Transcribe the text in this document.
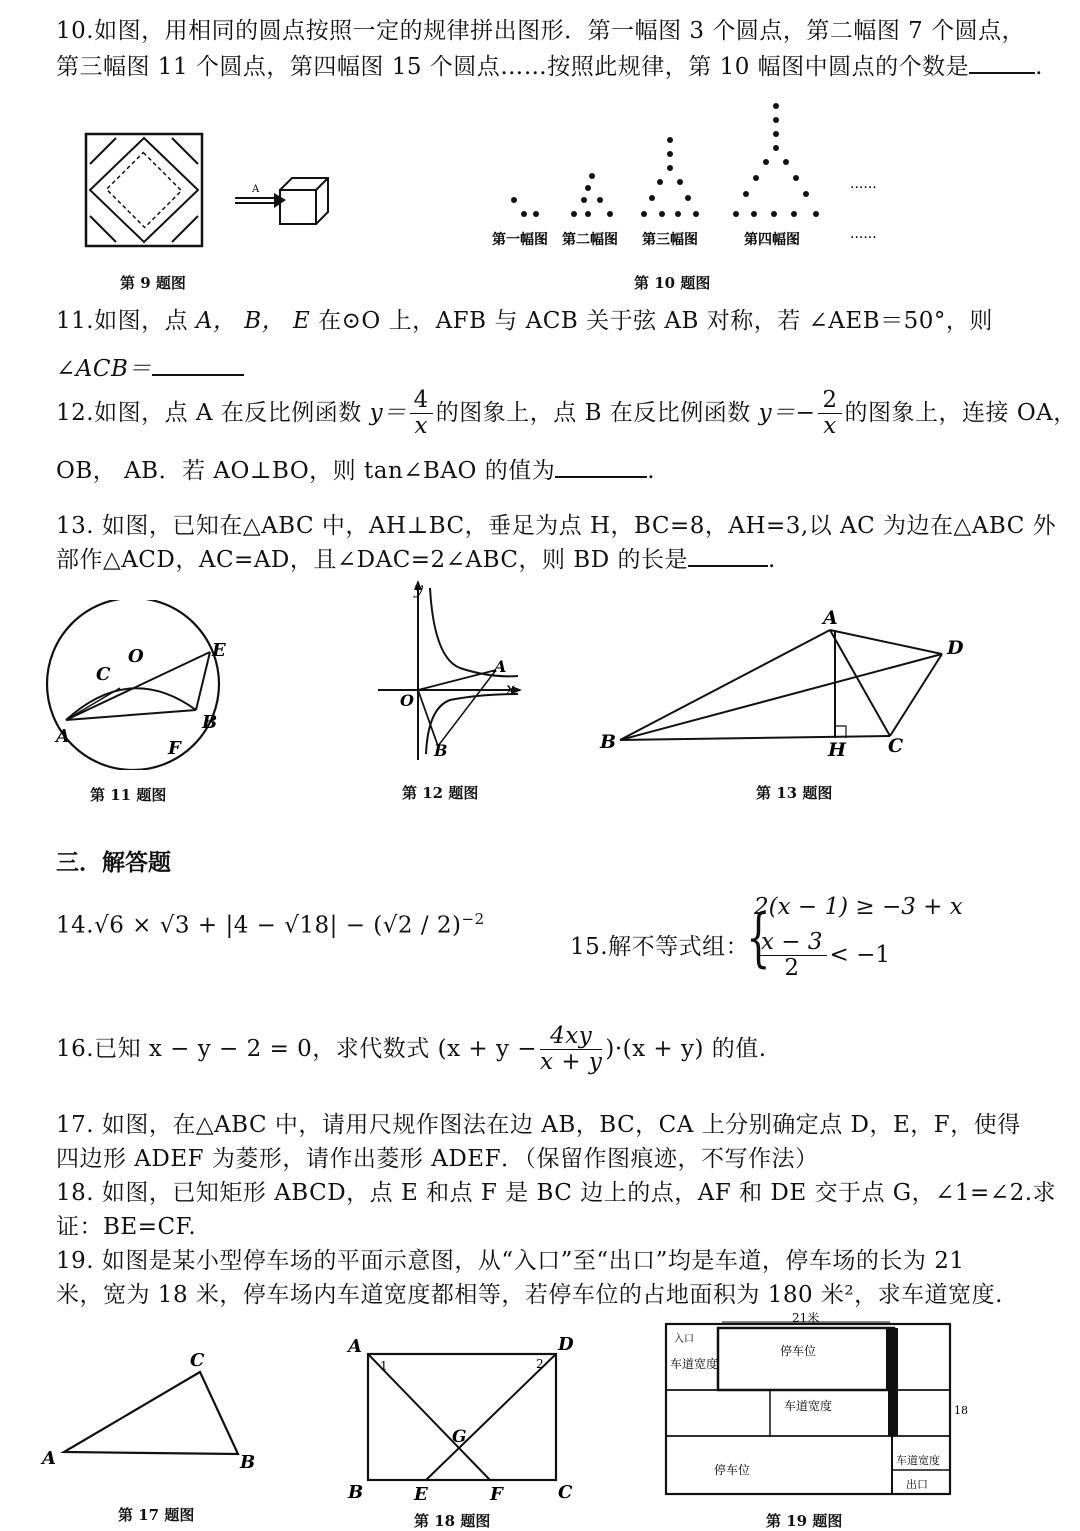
10.如图，用相同的圆点按照一定的规律拼出图形．第一幅图 3 个圆点，第二幅图 7 个圆点，
第三幅图 11 个圆点，第四幅图 15 个圆点……按照此规律，第 10 幅图中圆点的个数是	.
A
第 9 题图
......
......
第一幅图 第二幅图 第三幅图	第四幅图
第 10 题图
11.如图，点 A， B， E 在⊙O 上，AFB 与 ACB 关于弦 AB 对称，若 ∠AEB＝50°，则
∠ACB＝
12.如图，点 A 在反比例函数 $y= \frac{4}{x}$ 的图象上，点 B 在反比例函数 $y=- \frac{2}{x}$ 的图象上，连接 OA，
OB， AB．若 AO⊥BO，则 tan∠BAO 的值为	.
13. 如图，已知在△ABC 中，AH⊥BC，垂足为点 H，BC=8，AH=3,以 AC 为边在△ABC 外
部作△ACD，AC=AD，且∠DAC=2∠ABC，则 BD 的长是	.
O
C
E
A
B
F
第 11 题图
y
O
A
x
B
第 12 题图
A
D
B	H C
第 13 题图
三．解答题
14.√6 × √3 + |4 − √18| − (√2 / 2)$^{-2}$
15.解不等式组：
{
2(x − 1) ≥ −3 + x
$\frac{x - 3}{2} < -1$
16.已知 x − y − 2 = 0，求代数式 $(x + y - \frac{4xy}{x + y} )\cdot(x + y)$ 的值.
17. 如图，在△ABC 中，请用尺规作图法在边 AB，BC，CA 上分别确定点 D，E，F，使得
四边形 ADEF 为菱形，请作出菱形 ADEF．（保留作图痕迹，不写作法）
18. 如图，已知矩形 ABCD，点 E 和点 F 是 BC 边上的点，AF 和 DE 交于点 G，∠1=∠2.求
证：BE=CF.
19. 如图是某小型停车场的平面示意图，从“入口”至“出口”均是车道，停车场的长为 21
米，宽为 18 米，停车场内车道宽度都相等，若停车位的占地面积为 180 米²，求车道宽度.
C
A	B
第 17 题图
A	D
1	2
G
B	E	F	C
第 18 题图
21米
入口
车道宽度
停车位
车道宽度	18
停车位
车道宽度
出口
第 19 题图
